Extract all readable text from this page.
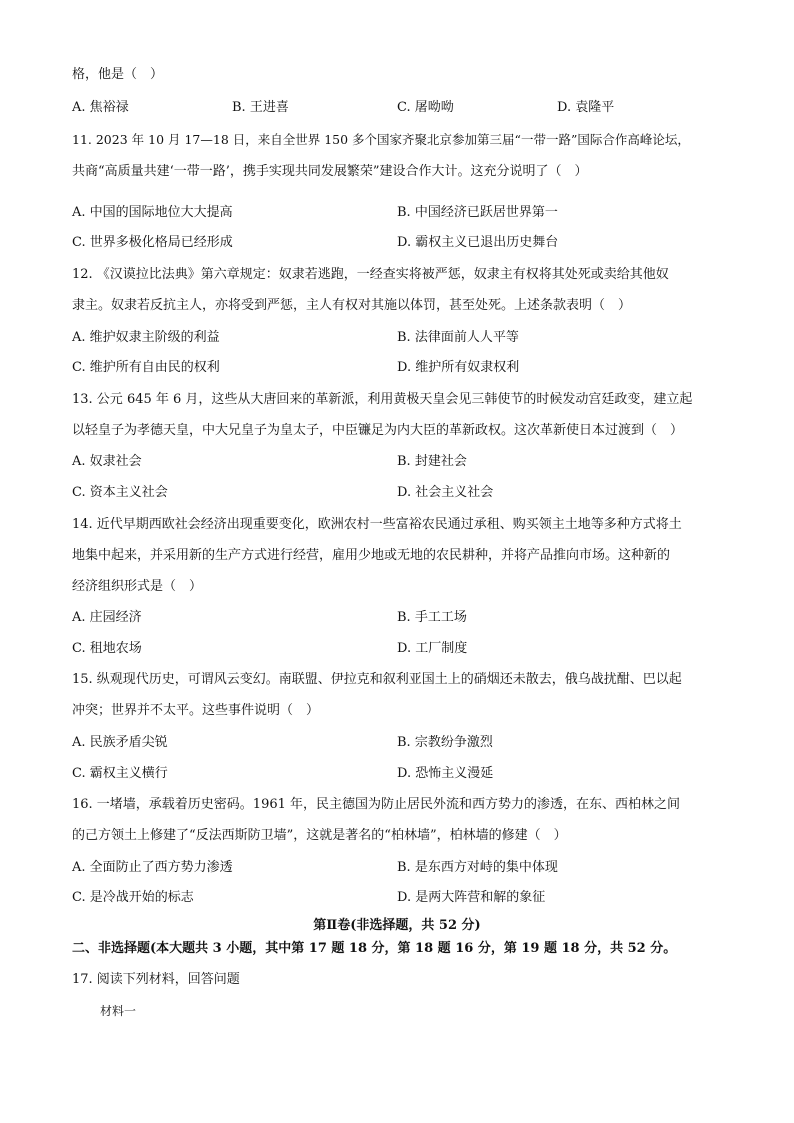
格，他是（　）
A. 焦裕禄	B. 王进喜	C. 屠呦呦	D. 袁隆平
11. 2023 年 10 月 17—18 日，来自全世界 150 多个国家齐聚北京参加第三届“一带一路”国际合作高峰论坛，
共商“高质量共建‘一带一路’，携手实现共同发展繁荣”建设合作大计。这充分说明了（　）
A. 中国的国际地位大大提高	B. 中国经济已跃居世界第一
C. 世界多极化格局已经形成	D. 霸权主义已退出历史舞台
12. 《汉谟拉比法典》第六章规定：奴隶若逃跑，一经查实将被严惩，奴隶主有权将其处死或卖给其他奴
隶主。奴隶若反抗主人，亦将受到严惩，主人有权对其施以体罚，甚至处死。上述条款表明（　）
A. 维护奴隶主阶级的利益	B. 法律面前人人平等
C. 维护所有自由民的权利	D. 维护所有奴隶权利
13. 公元 645 年 6 月，这些从大唐回来的革新派，利用黄极天皇会见三韩使节的时候发动宫廷政变，建立起
以轻皇子为孝德天皇，中大兄皇子为皇太子，中臣镰足为内大臣的革新政权。这次革新使日本过渡到（　）
A. 奴隶社会	B. 封建社会
C. 资本主义社会	D. 社会主义社会
14. 近代早期西欧社会经济出现重要变化，欧洲农村一些富裕农民通过承租、购买领主土地等多种方式将土
地集中起来，并采用新的生产方式进行经营，雇用少地或无地的农民耕种，并将产品推向市场。这种新的
经济组织形式是（　）
A. 庄园经济	B. 手工工场
C. 租地农场	D. 工厂制度
15. 纵观现代历史，可谓风云变幻。南联盟、伊拉克和叙利亚国土上的硝烟还未散去，俄乌战扰酣、巴以起
冲突；世界并不太平。这些事件说明（　）
A. 民族矛盾尖锐	B. 宗教纷争激烈
C. 霸权主义横行	D. 恐怖主义漫延
16. 一堵墙，承载着历史密码。1961 年，民主德国为防止居民外流和西方势力的渗透，在东、西柏林之间
的己方领土上修建了“反法西斯防卫墙”，这就是著名的“柏林墙”，柏林墙的修建（　）
A. 全面防止了西方势力渗透	B. 是东西方对峙的集中体现
C. 是冷战开始的标志	D. 是两大阵营和解的象征
第Ⅱ卷(非选择题，共 52 分)
二、非选择题(本大题共 3 小题，其中第 17 题 18 分，第 18 题 16 分，第 19 题 18 分，共 52 分。
17. 阅读下列材料，回答问题
材料一
